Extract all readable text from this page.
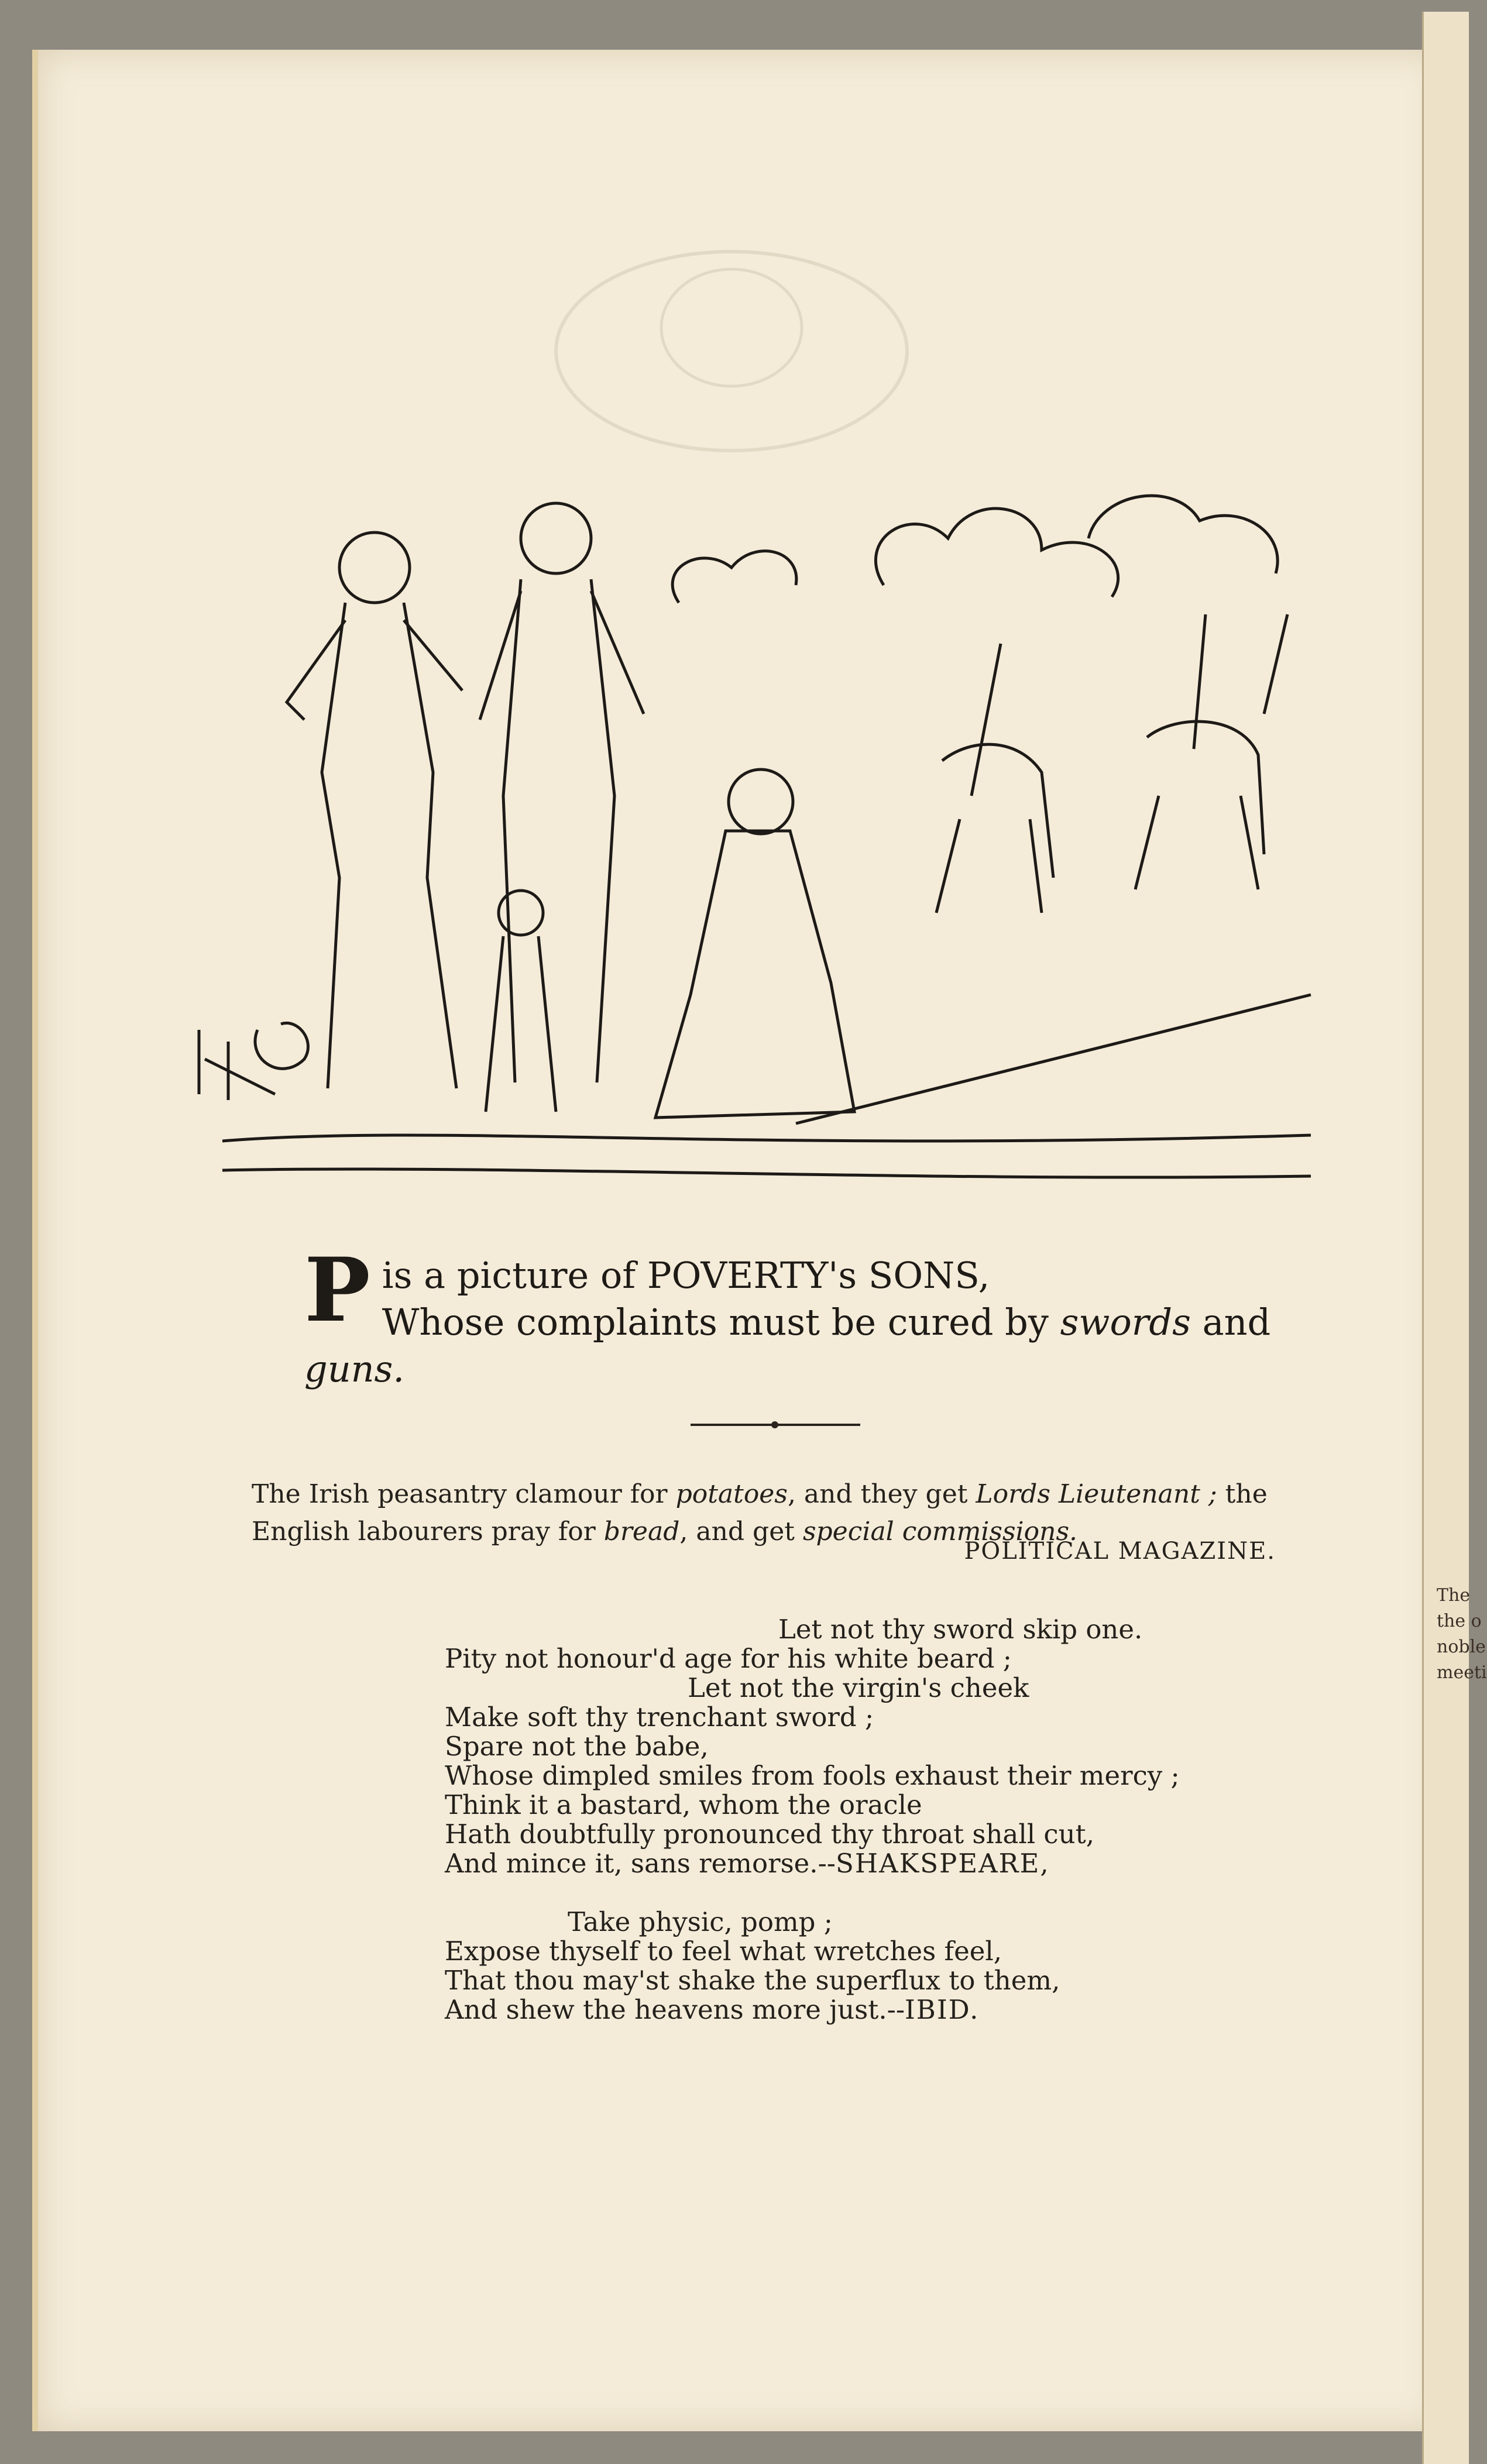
The
the o
noble
meeti
P is a picture of POVERTY's SONS,
Whose complaints must be cured by swords and guns.
The Irish peasantry clamour for potatoes, and they get Lords Lieutenant ; the English labourers pray for bread, and get special commissions.
POLITICAL MAGAZINE.
Let not thy sword skip one.
Pity not honour'd age for his white beard ;
Let not the virgin's cheek
Make soft thy trenchant sword ;
Spare not the babe,
Whose dimpled smiles from fools exhaust their mercy ;
Think it a bastard, whom the oracle
Hath doubtfully pronounced thy throat shall cut,
And mince it, sans remorse.--SHAKSPEARE,
Take physic, pomp ;
Expose thyself to feel what wretches feel,
That thou may'st shake the superflux to them,
And shew the heavens more just.--IBID.
